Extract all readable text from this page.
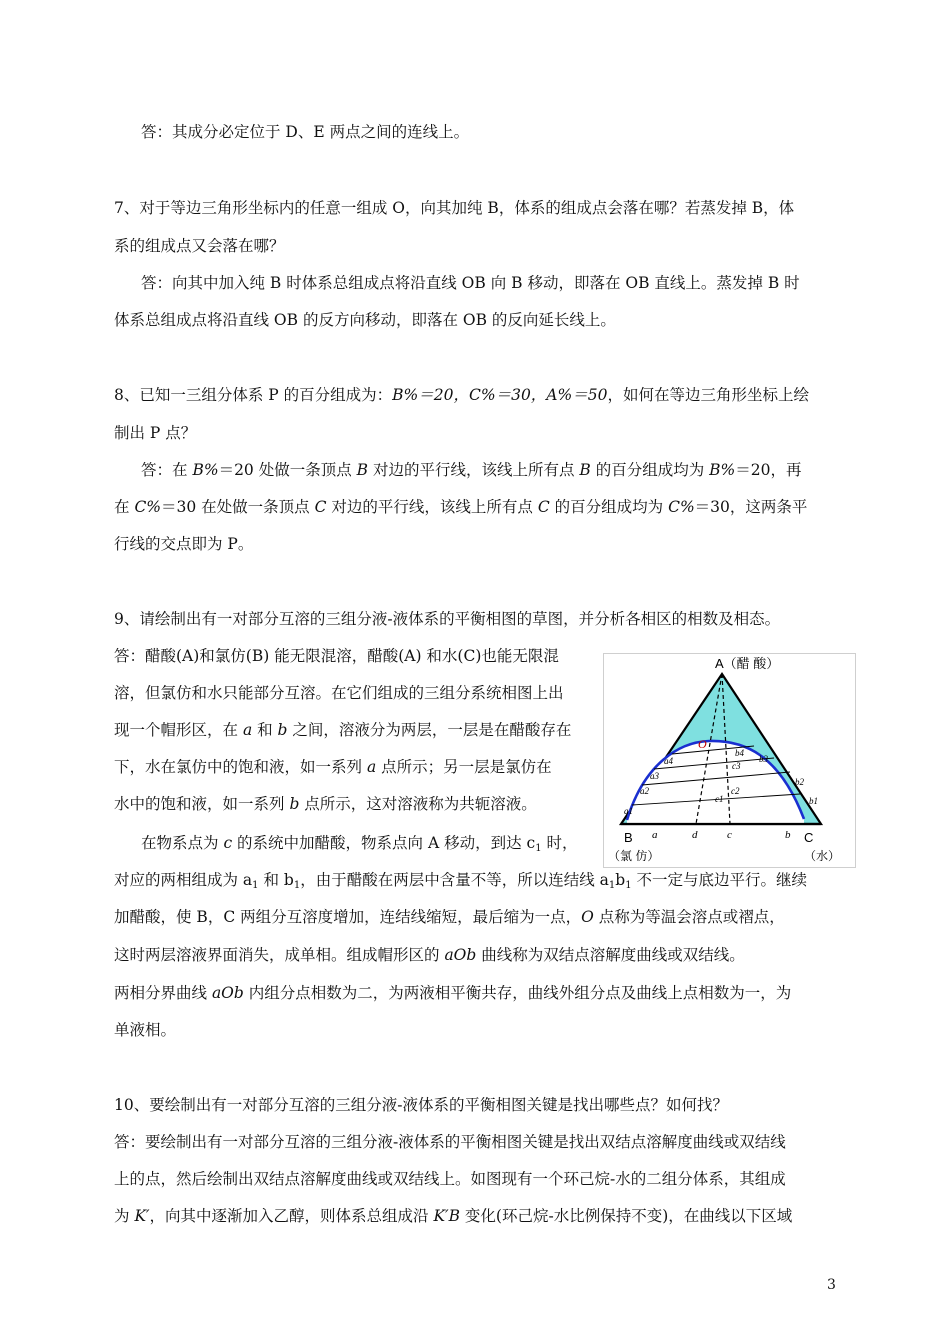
答：其成分必定位于 D、E 两点之间的连线上。
7、对于等边三角形坐标内的任意一组成 O，向其加纯 B，体系的组成点会落在哪？若蒸发掉 B，体
系的组成点又会落在哪？
答：向其中加入纯 B 时体系总组成点将沿直线 OB 向 B 移动，即落在 OB 直线上。蒸发掉 B 时
体系总组成点将沿直线 OB 的反方向移动，即落在 OB 的反向延长线上。
8、已知一三组分体系 P 的百分组成为：B%＝20，C%＝30，A%＝50，如何在等边三角形坐标上绘
制出 P 点？
答：在 B%＝20 处做一条顶点 B 对边的平行线，该线上所有点 B 的百分组成均为 B%＝20，再
在 C%＝30 在处做一条顶点 C 对边的平行线，该线上所有点 C 的百分组成均为 C%＝30，这两条平
行线的交点即为 P。
9、请绘制出有一对部分互溶的三组分液-液体系的平衡相图的草图，并分析各相区的相数及相态。
答：醋酸(A)和氯仿(B) 能无限混溶，醋酸(A) 和水(C)也能无限混
溶，但氯仿和水只能部分互溶。在它们组成的三组分系统相图上出
现一个帽形区，在 a 和 b 之间，溶液分为两层，一层是在醋酸存在
下，水在氯仿中的饱和液，如一系列 a 点所示；另一层是氯仿在
水中的饱和液，如一系列 b 点所示，这对溶液称为共轭溶液。
在物系点为 c 的系统中加醋酸，物系点向 A 移动，到达 $c_1$ 时，
对应的两相组成为 $a_1$ 和 $b_1$，由于醋酸在两层中含量不等，所以连结线 $a_1b_1$ 不一定与底边平行。继续
加醋酸，使 B，C 两组分互溶度增加，连结线缩短，最后缩为一点，O 点称为等温会溶点或褶点，
这时两层溶液界面消失，成单相。组成帽形区的 aOb 曲线称为双结点溶解度曲线或双结线。
两相分界曲线 aOb 内组分点相数为二，为两液相平衡共存，曲线外组分点及曲线上点相数为一，为
单液相。
10、要绘制出有一对部分互溶的三组分液-液体系的平衡相图关键是找出哪些点？如何找？
答：要绘制出有一对部分互溶的三组分液-液体系的平衡相图关键是找出双结点溶解度曲线或双结线
上的点，然后绘制出双结点溶解度曲线或双结线上。如图现有一个环己烷-水的二组分体系，其组成
为 K′，向其中逐渐加入乙醇，则体系总组成沿 K′B 变化(环己烷-水比例保持不变)，在曲线以下区域
A（醋 酸）
B	C
（氯 仿）	（水）
O
a	d	c	b
a1
a2
a3
a4
b1
b2
b3
b4
c1
c2
c3
3
